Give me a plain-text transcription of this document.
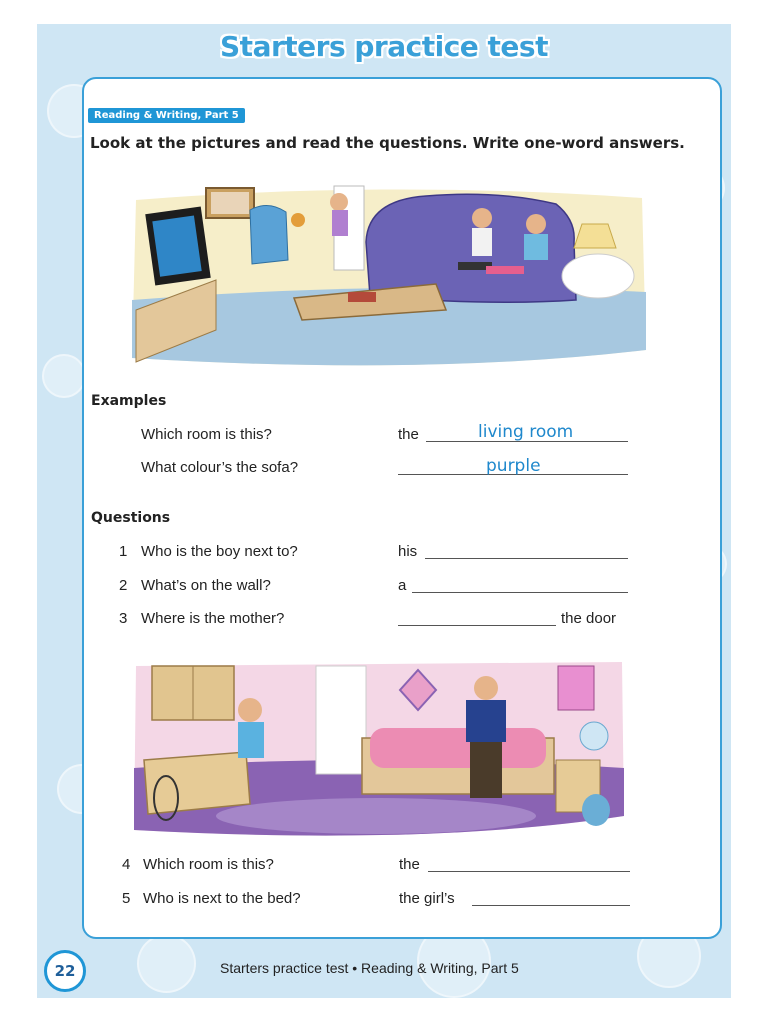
Starters practice test
Reading & Writing, Part 5
Look at the pictures and read the questions. Write one-word answers.
Examples
Which room is this?	the	living room
What colour’s the sofa?	purple
Questions
1 Who is the boy next to?	his
2 What’s on the wall?	a
3 Where is the mother?	the door
4 Which room is this?	the
5 Who is next to the bed?	the girl’s
22	Starters practice test • Reading & Writing, Part 5
